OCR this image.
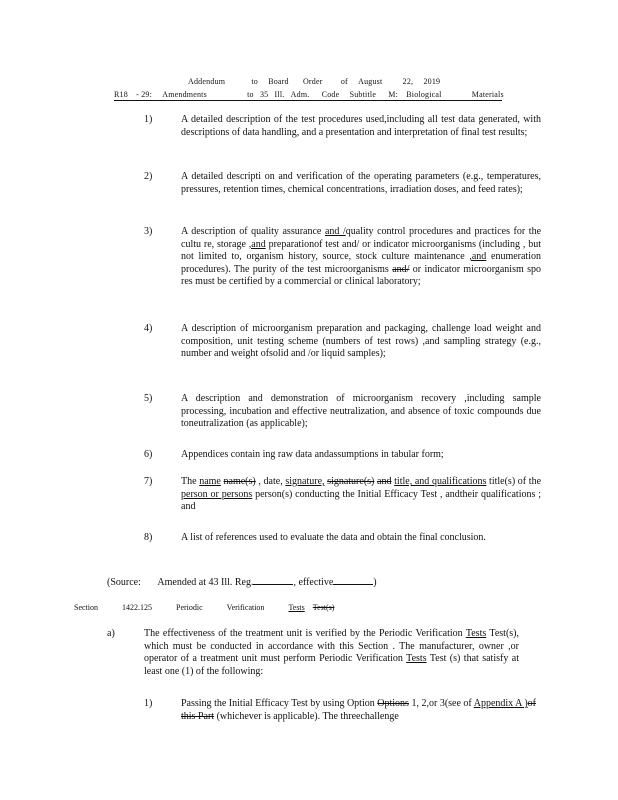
Addendum	to Board Order of August	22, 2019
R18 - 29: Amendments	to 35 Ill. Adm. Code Subtitle M: Biological	Materials
1)	A detailed description of the test procedures used,including all test data generated, with descriptions of data handling, and a presentation and interpretation of final test results;
2)	A detailed descripti on and verification of the operating parameters (e.g., temperatures, pressures, retention times, chemical concentrations, irradiation doses, and feed rates);
3)	A description of quality assurance and /quality control procedures and practices for the cultu re, storage ,and preparationof test and/ or indicator microorganisms (including , but not limited to, organism history, source, stock culture maintenance ,and enumeration procedures). The purity of the test microorganisms and/ or indicator microorganism spo res must be certified by a commercial or clinical laboratory;
4)	A description of microorganism preparation and packaging, challenge load weight and composition, unit testing scheme (numbers of test rows) ,and sampling strategy (e.g., number and weight ofsolid and /or liquid samples);
5)	A description and demonstration of microorganism recovery ,including sample processing, incubation and effective neutralization, and absence of toxic compounds due toneutralization (as applicable);
6)	Appendices contain ing raw data andassumptions in tabular form;
7)	The name name(s) , date, signature, signature(s) and title, and qualifications title(s) of the person or persons person(s) conducting the Initial Efficacy Test , andtheir qualifications ; and
8)	A list of references used to evaluate the data and obtain the final conclusion.
(Source: Amended at 43 Ill. Reg.	, effective	)
Section	1422.125	Periodic	Verification	Tests Test(s)
a)	The effectiveness of the treatment unit is verified by the Periodic Verification Tests Test(s), which must be conducted in accordance with this Section . The manufacturer, owner ,or operator of a treatment unit must perform Periodic Verification Tests Test (s) that satisfy at least one (1) of the following:
1)	Passing the Initial Efficacy Test by using Option Options 1, 2,or 3(see of Appendix A )of this Part (whichever is applicable). The threechallenge
